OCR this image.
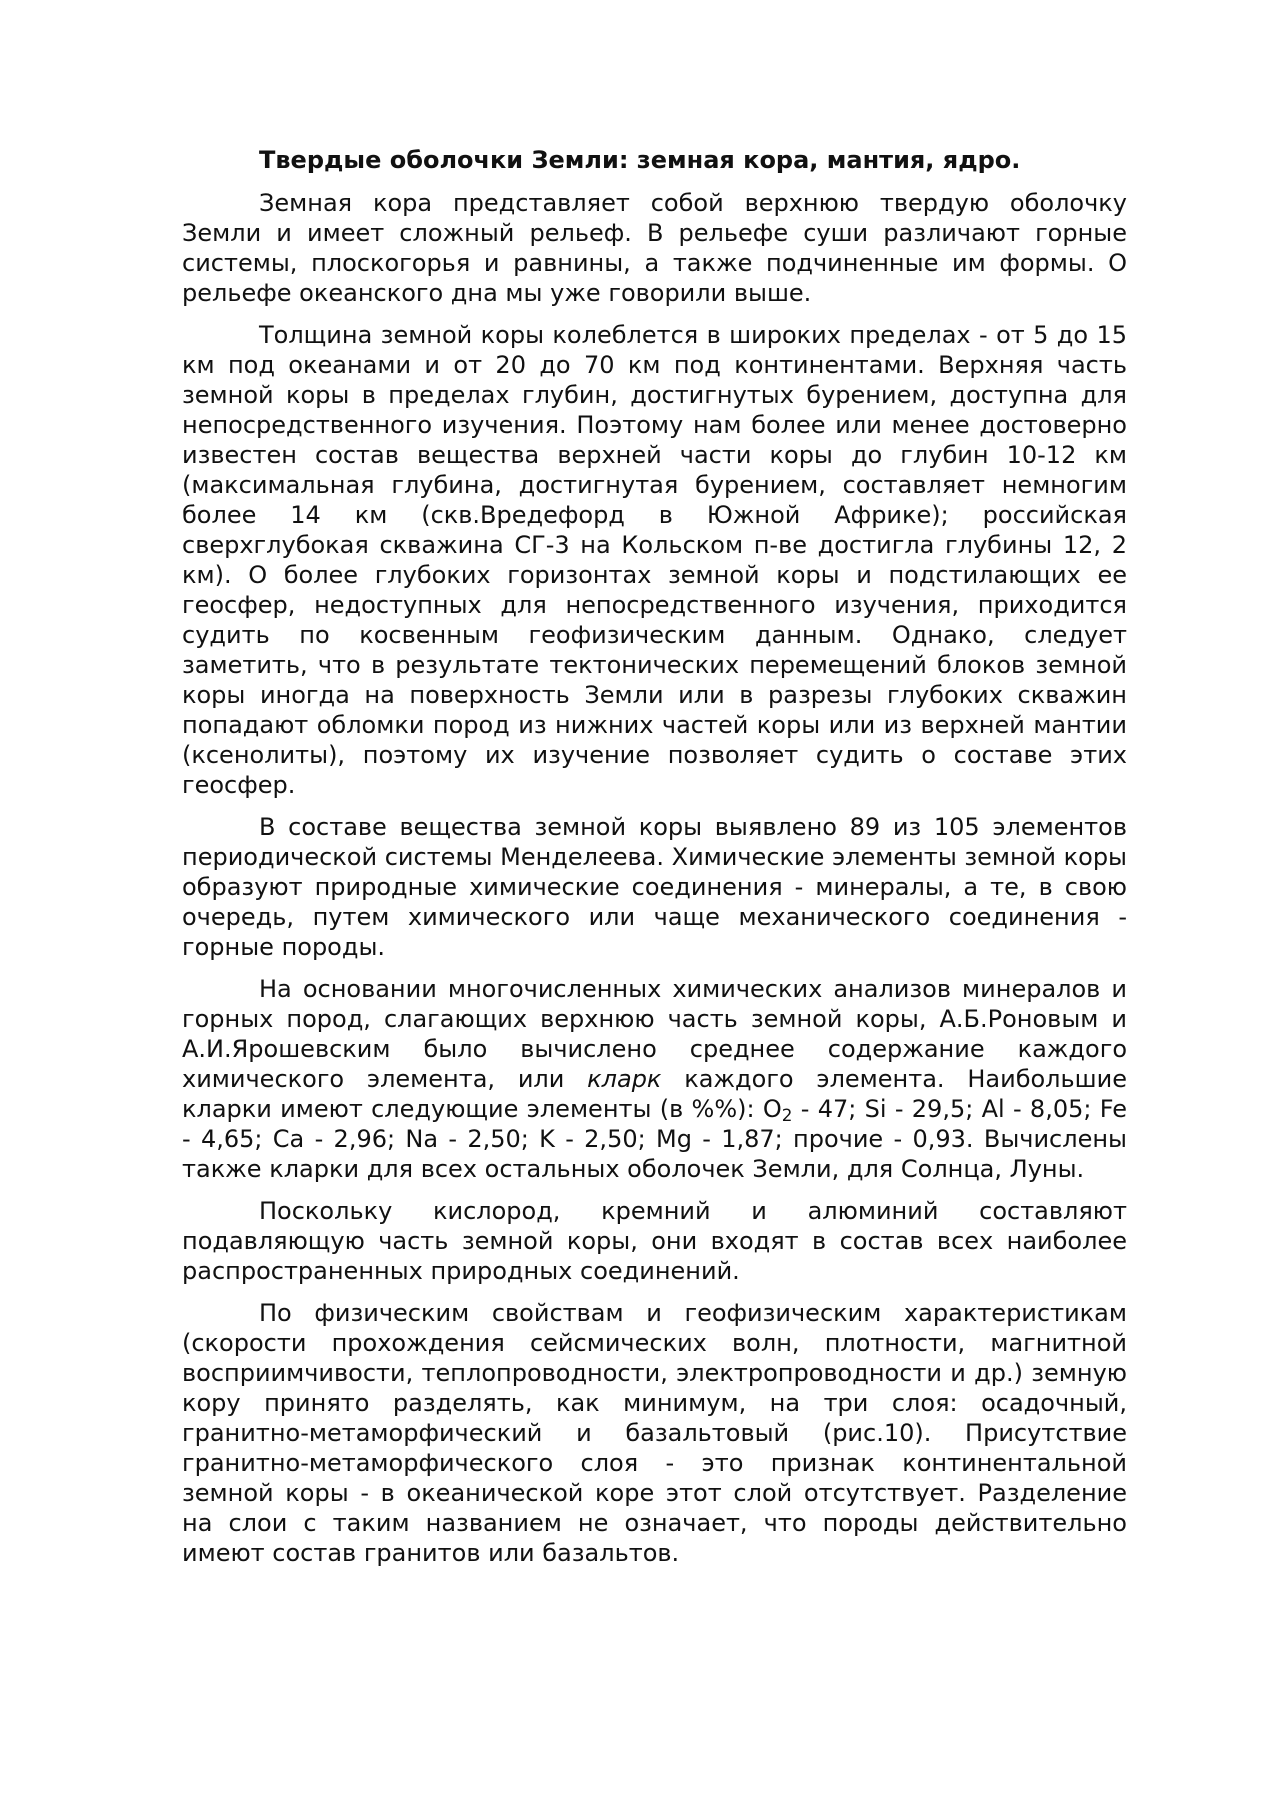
Твердые оболочки Земли: земная кора, мантия, ядро.

Земная кора представляет собой верхнюю твердую оболочку Земли и имеет сложный рельеф. В рельефе суши различают горные системы, плоскогорья и равнины, а также подчиненные им формы. О рельефе океанского дна мы уже говорили выше.

Толщина земной коры колеблется в широких пределах - от 5 до 15 км под океанами и от 20 до 70 км под континентами. Верхняя часть земной коры в пределах глубин, достигнутых бурением, доступна для непосредственного изучения. Поэтому нам более или менее достоверно известен состав вещества верхней части коры до глубин 10-12 км (максимальная глубина, достигнутая бурением, составляет немногим более 14 км (скв.Вредефорд в Южной Африке); российская сверхглубокая скважина СГ-3 на Кольском п-ве достигла глубины 12, 2 км). О более глубоких горизонтах земной коры и подстилающих ее геосфер, недоступных для непосредственного изучения, приходится судить по косвенным геофизическим данным. Однако, следует заметить, что в результате тектонических перемещений блоков земной коры иногда на поверхность Земли или в разрезы глубоких скважин попадают обломки пород из нижних частей коры или из верхней мантии (ксенолиты), поэтому их изучение позволяет судить о составе этих геосфер.

В составе вещества земной коры выявлено 89 из 105 элементов периодической системы Менделеева. Химические элементы земной коры образуют природные химические соединения - минералы, а те, в свою очередь, путем химического или чаще механического соединения - горные породы.

На основании многочисленных химических анализов минералов и горных пород, слагающих верхнюю часть земной коры, А.Б.Роновым и А.И.Ярошевским было вычислено среднее содержание каждого химического элемента, или кларк каждого элемента. Наибольшие кларки имеют следующие элементы (в %%): $O_2 - 47$; Si - 29,5; Al - 8,05; Fe - 4,65; Ca - 2,96; Na - 2,50; K - 2,50; Mg - 1,87; прочие - 0,93. Вычислены также кларки для всех остальных оболочек Земли, для Солнца, Луны.

Поскольку кислород, кремний и алюминий составляют подавляющую часть земной коры, они входят в состав всех наиболее распространенных природных соединений.

По физическим свойствам и геофизическим характеристикам (скорости прохождения сейсмических волн, плотности, магнитной восприимчивости, теплопроводности, электропроводности и др.) земную кору принято разделять, как минимум, на три слоя: осадочный, гранитно-метаморфический и базальтовый (рис.10). Присутствие гранитно-метаморфического слоя - это признак континентальной земной коры - в океанической коре этот слой отсутствует. Разделение на слои с таким названием не означает, что породы действительно имеют состав гранитов или базальтов.
